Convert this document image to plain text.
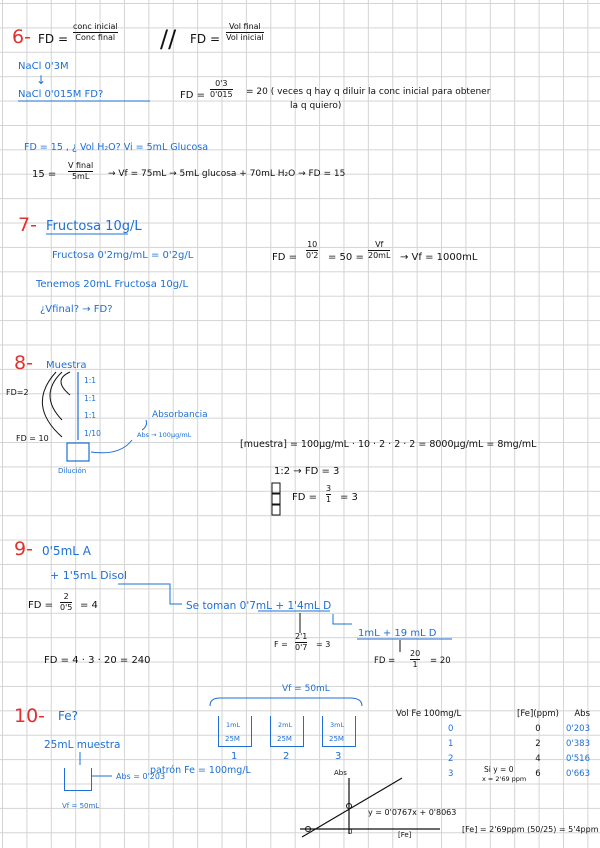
6- FD =
conc inicial
Conc final // FD =
Vol final
Vol inicial
NaCl 0'3M
↓
NaCl 0'015M FD?	FD =
0'3
0'015 = 20 ( veces q hay q diluir la conc inicial para obtener
la q quiero)
FD = 15 , ¿ Vol H₂O? Vi = 5mL Glucosa
15 =
V final
5mL → Vf = 75mL → 5mL glucosa + 70mL H₂O → FD = 15
7- Fructosa 10g/L
Fructosa 0'2mg/mL = 0'2g/L	FD =
10
0'2 = 50 =
Vf
20mL → Vf = 1000mL
Tenemos 20mL Fructosa 10g/L
¿Vfinal? → FD?
8- Muestra
FD=2
FD = 10
1:1
1:1
1:1
1/10
Dilución
Absorbancia
Abs → 100µg/mL
[muestra] = 100µg/mL · 10 · 2 · 2 · 2 = 8000µg/mL = 8mg/mL
1:2 → FD = 3
FD =
3
1 = 3
9- 0'5mL A
+ 1'5mL Disol
FD =
2
0'5 = 4	Se toman 0'7mL + 1'4mL D
F =
2'1
0'7 = 3
1mL + 19 mL D
FD =
20
1 = 20
FD = 4 · 3 · 20 = 240
10- Fe?
25mL muestra
Abs = 0'203
Vf = 50mL
patrón Fe = 100mg/L
Vf = 50mL
1mL	2mL	3mL
25M	25M	25M
1	2	3
Vol Fe 100mg/L	[Fe](ppm)	Abs
0	0	0'203
1	2	0'383
2	4	0'516
3	6	0'663
Abs
[Fe]
0
y = 0'0767x + 0'8063
Si y = 0
x = 2'69 ppm
[Fe] = 2'69ppm (50/25) = 5'4ppm
